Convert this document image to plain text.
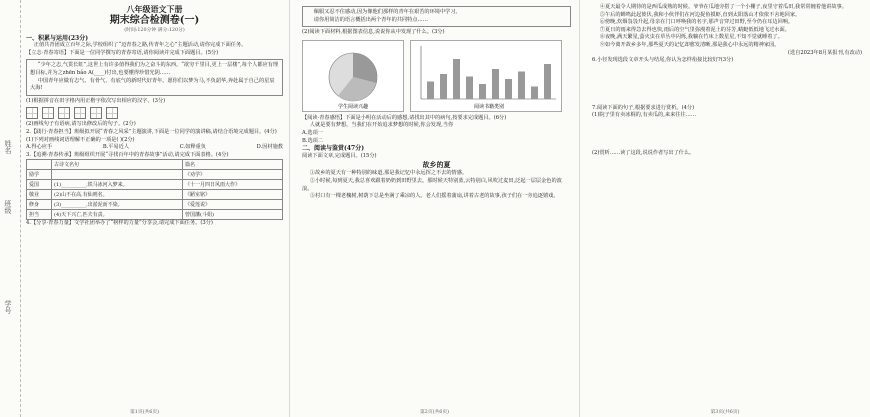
姓名
班级
学号
八年级语文下册
期末综合检测卷(一)
(时间:120分钟 满分:120分)
一、积累与运用(23分)

正值共青团成立百年之际,学校组织了“迈青春之路,传青年之心”主题活动,请你完成下面任务。

【立志·青春寄语】下面是一位同学撰写的青春寄语,请你阅读并完成下面题目。(5分)

“少年之志,气贯长虹”,这世上有许多值得我们为之奋斗的东西。“欲穷千里目,更上一层楼”,每个人都应有理想目标,并为之zhēn bǎo A(____)付出,也要懂得珍惜光阴……

中国青年应做有志气、有骨气、有底气的新时代好青年。愿你们以梦为马,不负韶华,奔赴属于自己的星辰大海!

(1)根据拼音在田字格内用正楷字依次写出相应的汉字。(3分)
(2)画线句子有语病,请写出修改后的句子。(2分)
2.【践行·青春担当】班级拟开展“青春之风采”主题演讲,下面是一位同学的演讲稿,请结合语境完成题目。(4分)
(1)下列对画线词语理解不正确的一项是( )(2分)
A.得心应手	B.平易近人	C.如释重负	D.因材施教
3.【追溯·青春传承】班级组织开展“寻找百年中的青春故事”活动,请完成下面表格。(4分)
	古诗文名句	篇名
励学		《劝学》
爱国	(1)__________,铁马冰河入梦来。	《十一月四日风雨大作》
敬业	(2)山不在高,有仙则名。	《陋室铭》
修身	(3)__________,出淤泥而不染。	《爱莲说》
担当	(4)天下兴亡,匹夫有责。	曾国藩(斗姐)
4.【分享·青春力量】文学社团举办了“榜样的力量”分享会,请完成下面任务。(3分)
第1页(共6页)

佩服又忍不住感动,因为像他们那样的青年在艰苦的环境中学习,

请你用简洁的语言概括出两个青年的共同特点……

(2)阅读下面材料,根据图表信息,说说你从中发现了什么。(3分)
学生阅读兴趣	阅读书籍类别
【阅读·青春感悟】下面是小明在活动后的感想,请找出其中的病句,按要求完成题目。(6分)

人就是要有梦想。当我们在开始追求梦想的时候,你会发现,当你

A.选项一
B.选项二
二、阅读与鉴赏(47分)
阅读下面文章,完成题目。(15分)
故乡的夏

①故乡的夏天有一种特别的味道,那是我记忆中永远挥之不去的情感。

②小时候,每到夏天,我总喜欢跟着奶奶到田野里去。那时候天特别蓝,云特别白,风吹过麦田,泛起一层层金色的波浪。

③村口有一棵老槐树,树荫下总是坐满了乘凉的人。老人们摇着蒲扇,讲着古老的故事,孩子们在一旁追逐嬉戏。

第2页(共6页)

④夏天最令人期待的是西瓜成熟的时候。爷爷在瓜地旁搭了一个小棚子,夜里守着瓜田,我常常缠着他讲故事。

⑤午后的蝉鸣此起彼伏,我和小伙伴们在河边捉鱼摸虾,直到太阳落山才依依不舍地回家。

⑥傍晚,炊烟袅袅升起,母亲在门口呼唤我的名字,那声音穿过田野,至今仍在耳边回响。

⑦夏日的雨来得急去得也快,雨后的空气里弥漫着泥土的芬芳,蜻蜓低低地飞过水面。

⑧夜晚,满天繁星,萤火虫在草丛中闪烁,我躺在竹床上数星星,不知不觉就睡着了。

⑨如今离开故乡多年,那些夏天的记忆却愈发清晰,那是我心中永远的精神家园。

(选自2023年8月某报刊,有改动)
6.小径发现选段文章开头与结尾,你认为怎样衔接比较好?(3分)
7.阅读下面的句子,根据要求进行赏析。(4分)
(1)院子里有卖冰棍的,有卖瓜的,来来往往……
(2)赏析……读了这段,说说作者写出了什么。
第3页(共6页)
